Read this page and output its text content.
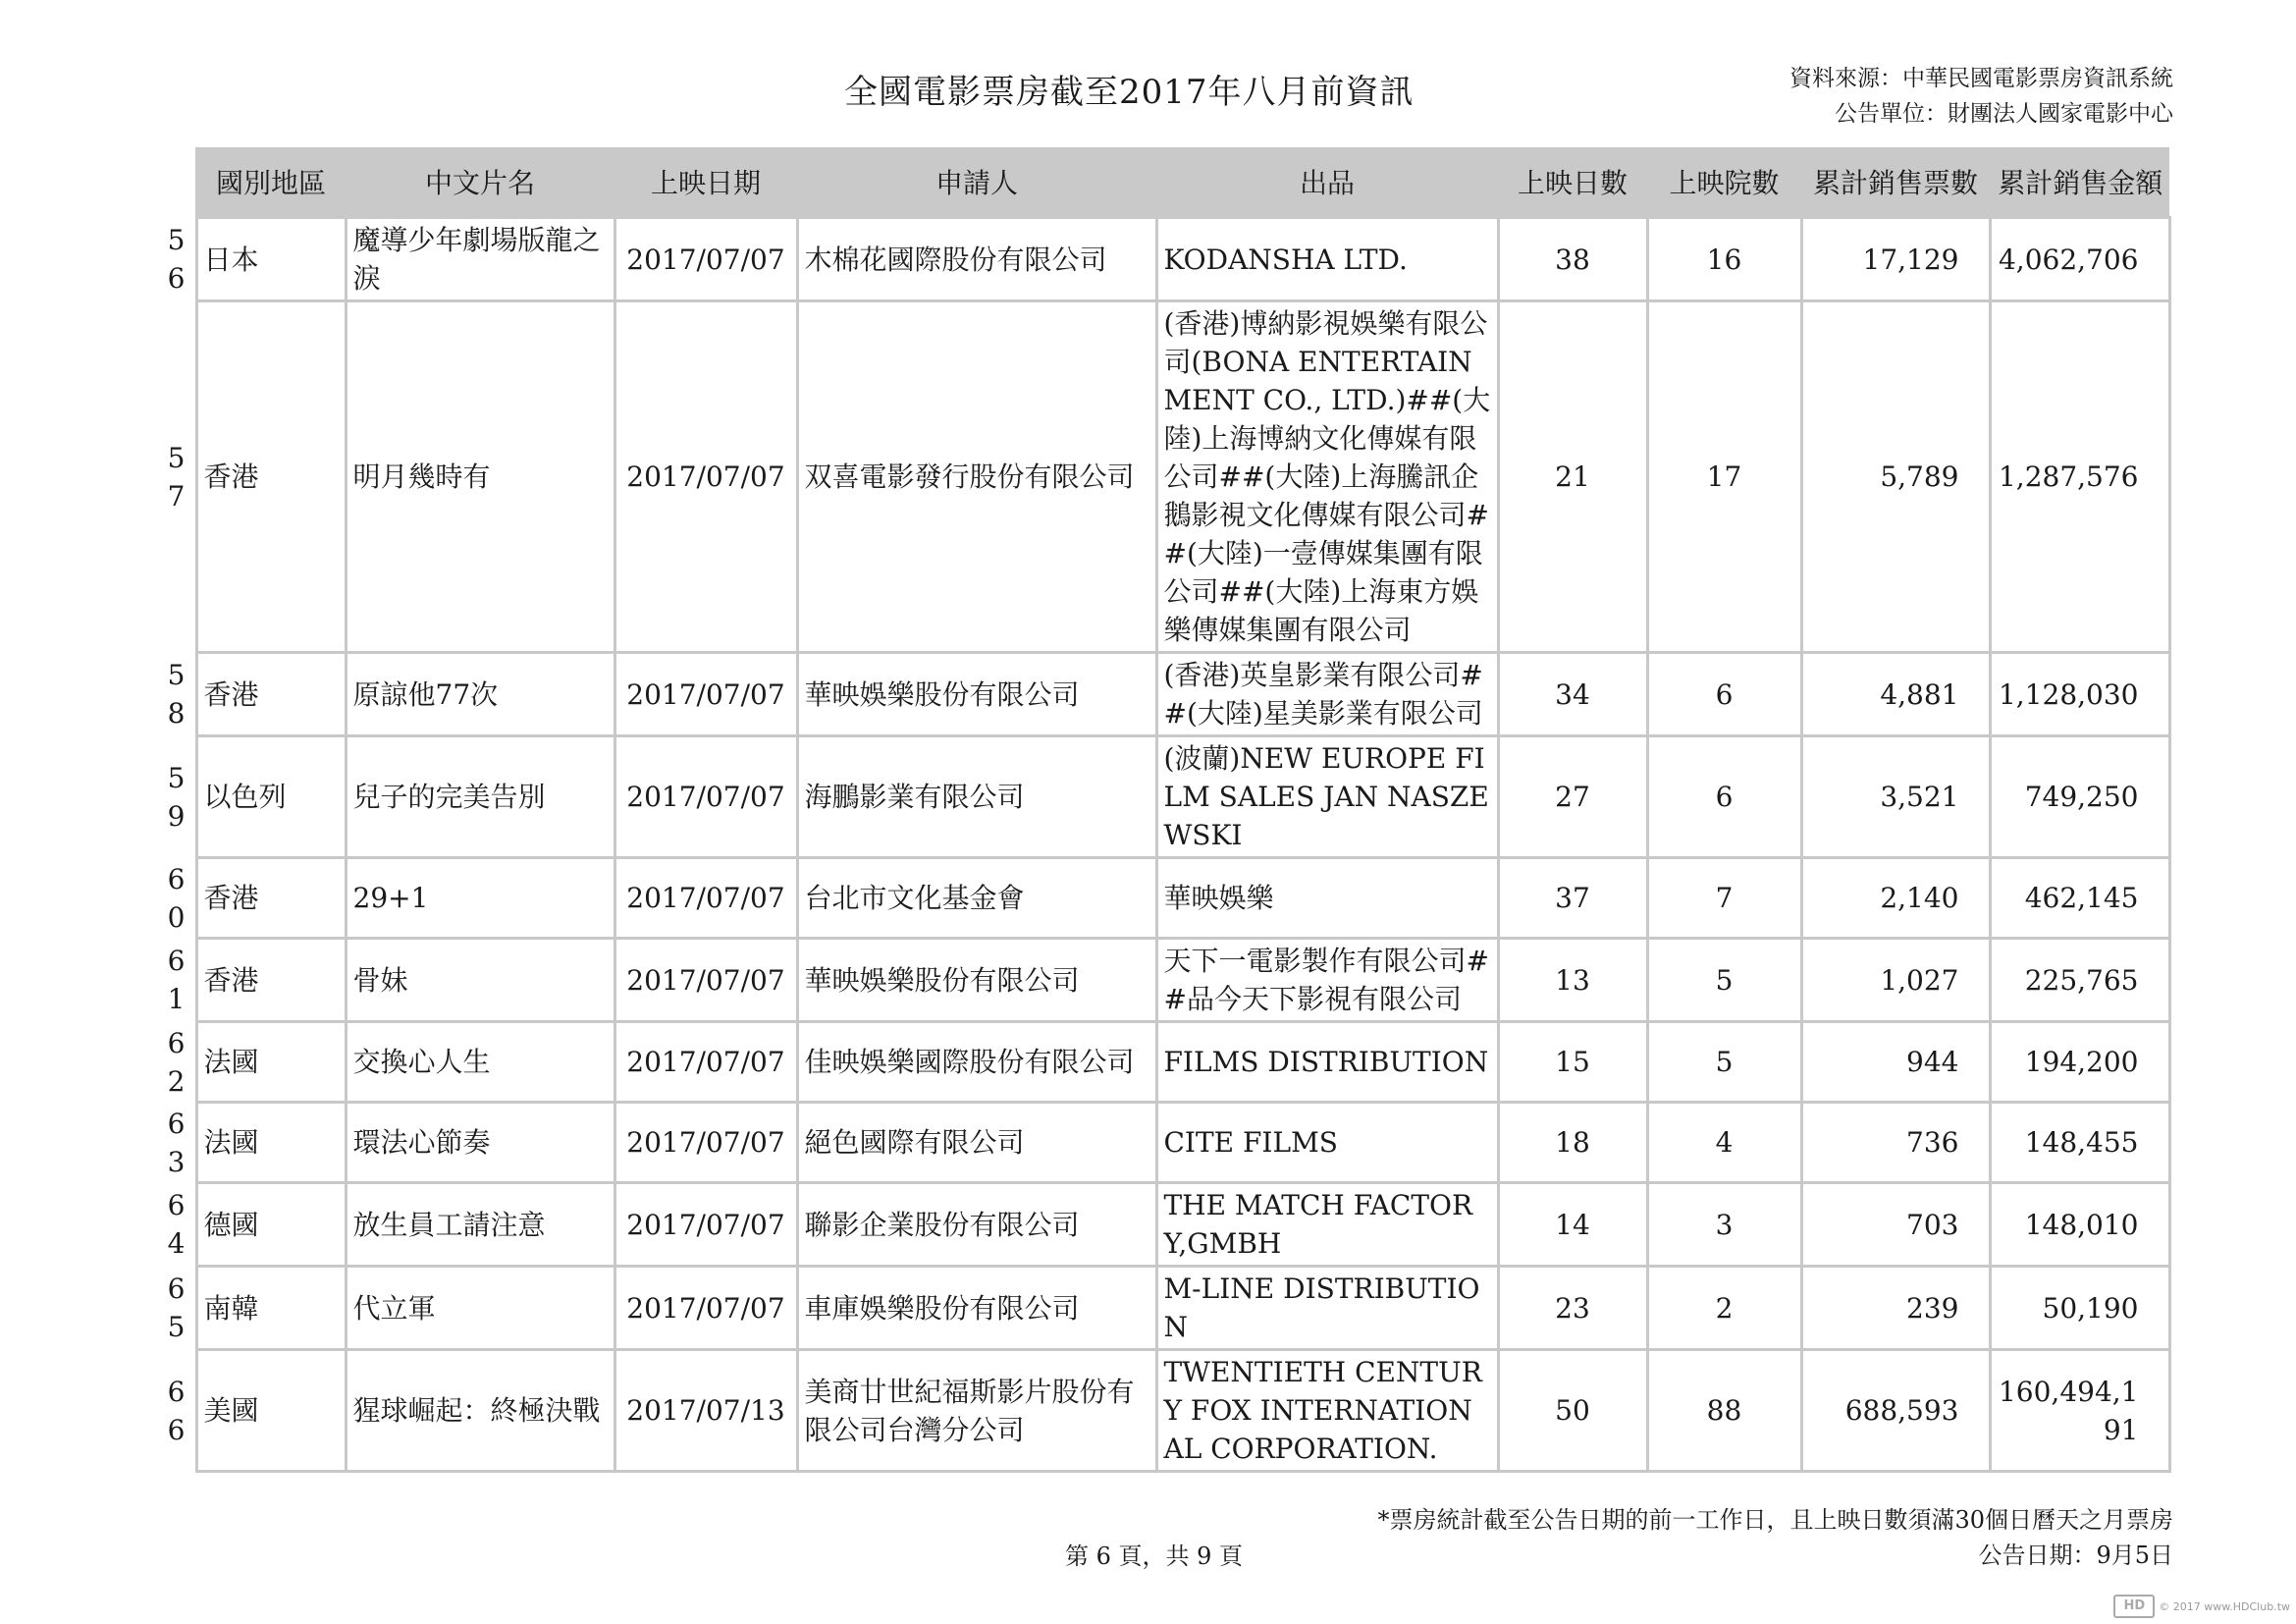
全國電影票房截至2017年八月前資訊	資料來源：中華民國電影票房資訊系統
公告單位：財團法人國家電影中心
	國別地區	中文片名	上映日期	申請人	出品	上映日數	上映院數	累計銷售票數	累計銷售金額
56	日本	魔導少年劇場版龍之淚	2017/07/07	木棉花國際股份有限公司	KODANSHA LTD.	38	16	17,129	4,062,706
57	香港	明月幾時有	2017/07/07	双喜電影發行股份有限公司	(香港)博納影視娛樂有限公司(BONA ENTERTAINMENT CO., LTD.)##(大陸)上海博納文化傳媒有限公司##(大陸)上海騰訊企鵝影視文化傳媒有限公司##(大陸)一壹傳媒集團有限公司##(大陸)上海東方娛樂傳媒集團有限公司	21	17	5,789	1,287,576
58	香港	原諒他77次	2017/07/07	華映娛樂股份有限公司	(香港)英皇影業有限公司##(大陸)星美影業有限公司	34	6	4,881	1,128,030
59	以色列	兒子的完美告別	2017/07/07	海鵬影業有限公司	(波蘭)NEW EUROPE FILM SALES JAN NASZEWSKI	27	6	3,521	749,250
60	香港	29+1	2017/07/07	台北市文化基金會	華映娛樂	37	7	2,140	462,145
61	香港	骨妹	2017/07/07	華映娛樂股份有限公司	天下一電影製作有限公司##品今天下影視有限公司	13	5	1,027	225,765
62	法國	交換心人生	2017/07/07	佳映娛樂國際股份有限公司	FILMS DISTRIBUTION	15	5	944	194,200
63	法國	環法心節奏	2017/07/07	絕色國際有限公司	CITE FILMS	18	4	736	148,455
64	德國	放生員工請注意	2017/07/07	聯影企業股份有限公司	THE MATCH FACTORY,GMBH	14	3	703	148,010
65	南韓	代立軍	2017/07/07	車庫娛樂股份有限公司	M-LINE DISTRIBUTION	23	2	239	50,190
66	美國	猩球崛起：終極決戰	2017/07/13	美商廿世紀福斯影片股份有限公司台灣分公司	TWENTIETH CENTURY FOX INTERNATIONAL CORPORATION.	50	88	688,593	160,494,191
*票房統計截至公告日期的前一工作日，且上映日數須滿30個日曆天之月票房
公告日期：9月5日
第 6 頁，共 9 頁
HD	© 2017 www.HDClub.tw
